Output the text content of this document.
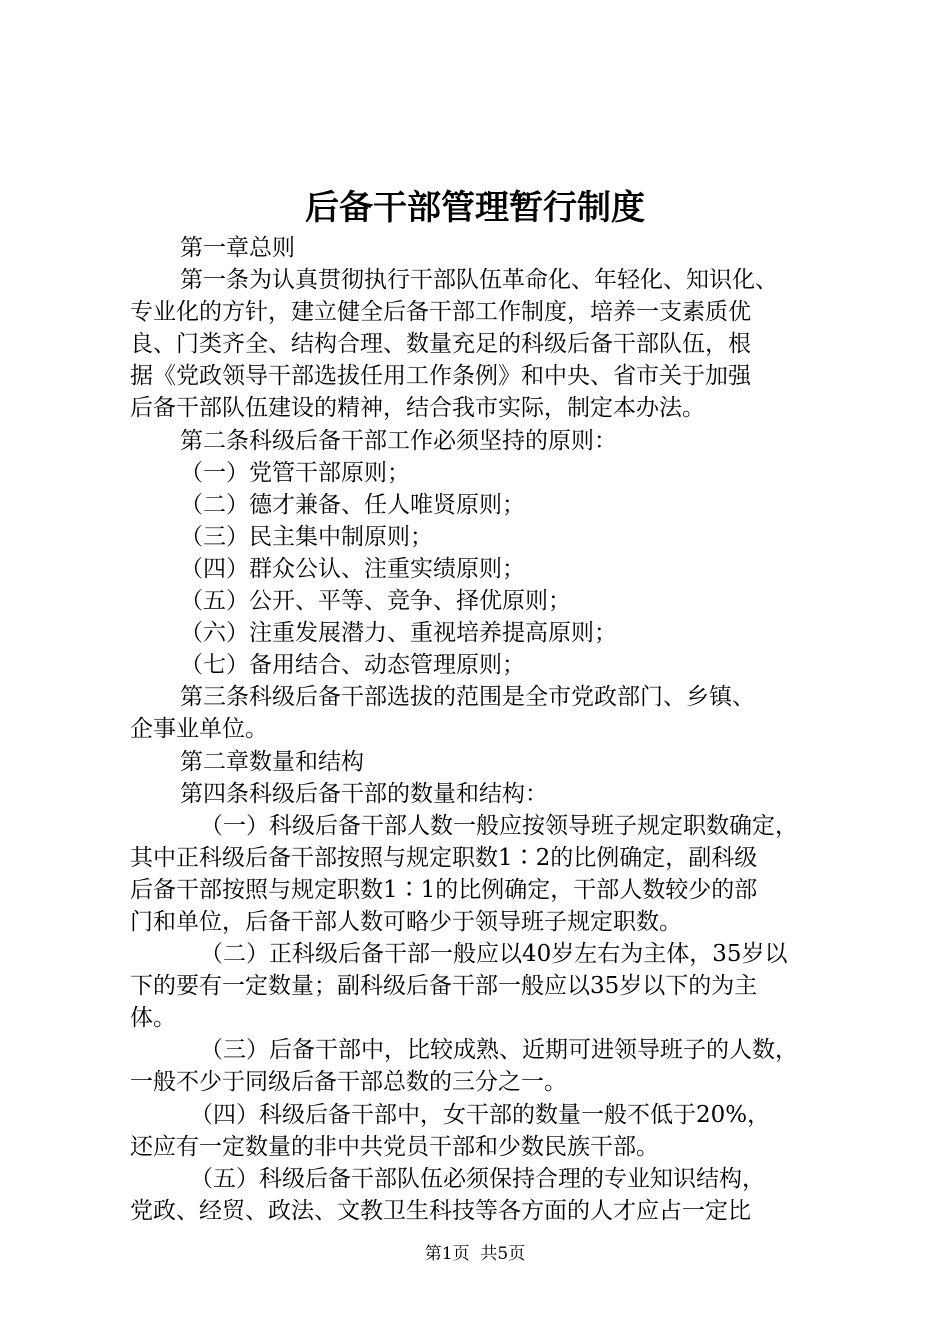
后备干部管理暂行制度

第一章总则

第一条为认真贯彻执行干部队伍革命化、年轻化、知识化、

专业化的方针，建立健全后备干部工作制度，培养一支素质优

良、门类齐全、结构合理、数量充足的科级后备干部队伍，根

据《党政领导干部选拔任用工作条例》和中央、省市关于加强

后备干部队伍建设的精神，结合我市实际，制定本办法。

第二条科级后备干部工作必须坚持的原则：

（一）党管干部原则；

（二）德才兼备、任人唯贤原则；

（三）民主集中制原则；

（四）群众公认、注重实绩原则；

（五）公开、平等、竞争、择优原则；

（六）注重发展潜力、重视培养提高原则；

（七）备用结合、动态管理原则；

第三条科级后备干部选拔的范围是全市党政部门、乡镇、

企事业单位。

第二章数量和结构

第四条科级后备干部的数量和结构：

（一）科级后备干部人数一般应按领导班子规定职数确定，

其中正科级后备干部按照与规定职数1∶2的比例确定，副科级

后备干部按照与规定职数1∶1的比例确定，干部人数较少的部

门和单位，后备干部人数可略少于领导班子规定职数。

（二）正科级后备干部一般应以40岁左右为主体，35岁以

下的要有一定数量；副科级后备干部一般应以35岁以下的为主

体。

（三）后备干部中，比较成熟、近期可进领导班子的人数，

一般不少于同级后备干部总数的三分之一。

（四）科级后备干部中，女干部的数量一般不低于20%，

还应有一定数量的非中共党员干部和少数民族干部。

（五）科级后备干部队伍必须保持合理的专业知识结构，

党政、经贸、政法、文教卫生科技等各方面的人才应占一定比

第1页 共5页
